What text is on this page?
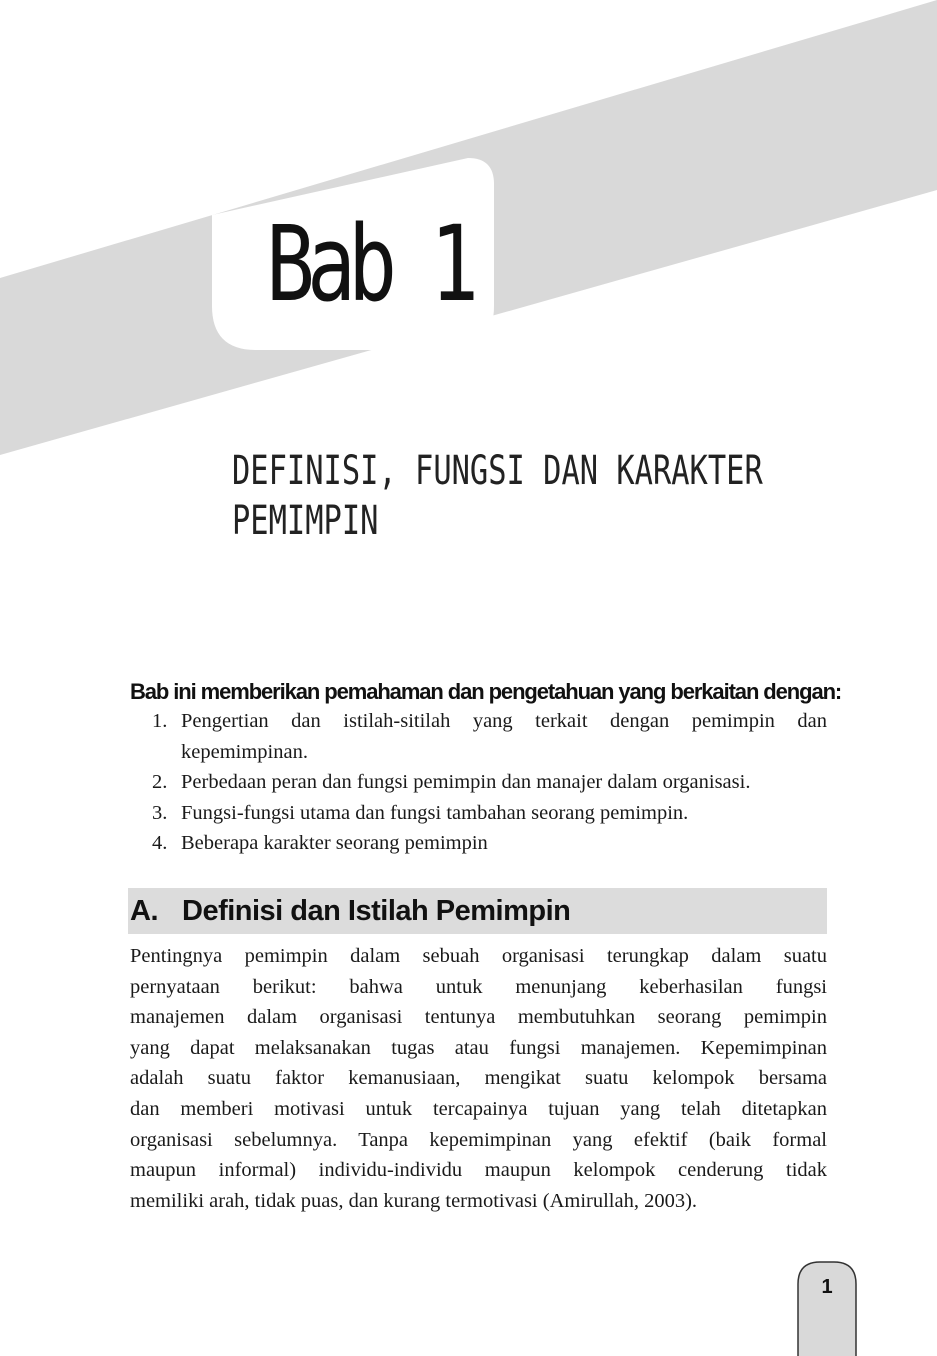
Bab 1
DEFINISI, FUNGSI DAN KARAKTER
PEMIMPIN

Bab ini memberikan pemahaman dan pengetahuan yang berkaitan dengan:

1. Pengertian dan istilah-sitilah yang terkait dengan pemimpin dan kepemimpinan.
2. Perbedaan peran dan fungsi pemimpin dan manajer dalam organisasi.
3. Fungsi-fungsi utama dan fungsi tambahan seorang pemimpin.
4. Beberapa karakter seorang pemimpin
A. Definisi dan Istilah Pemimpin

Pentingnya pemimpin dalam sebuah organisasi terungkap dalam suatu
pernyataan berikut: bahwa untuk menunjang keberhasilan fungsi
manajemen dalam organisasi tentunya membutuhkan seorang pemimpin
yang dapat melaksanakan tugas atau fungsi manajemen. Kepemimpinan
adalah suatu faktor kemanusiaan, mengikat suatu kelompok bersama
dan memberi motivasi untuk tercapainya tujuan yang telah ditetapkan
organisasi sebelumnya. Tanpa kepemimpinan yang efektif (baik formal
maupun informal) individu-individu maupun kelompok cenderung tidak
memiliki arah, tidak puas, dan kurang termotivasi (Amirullah, 2003).

1
